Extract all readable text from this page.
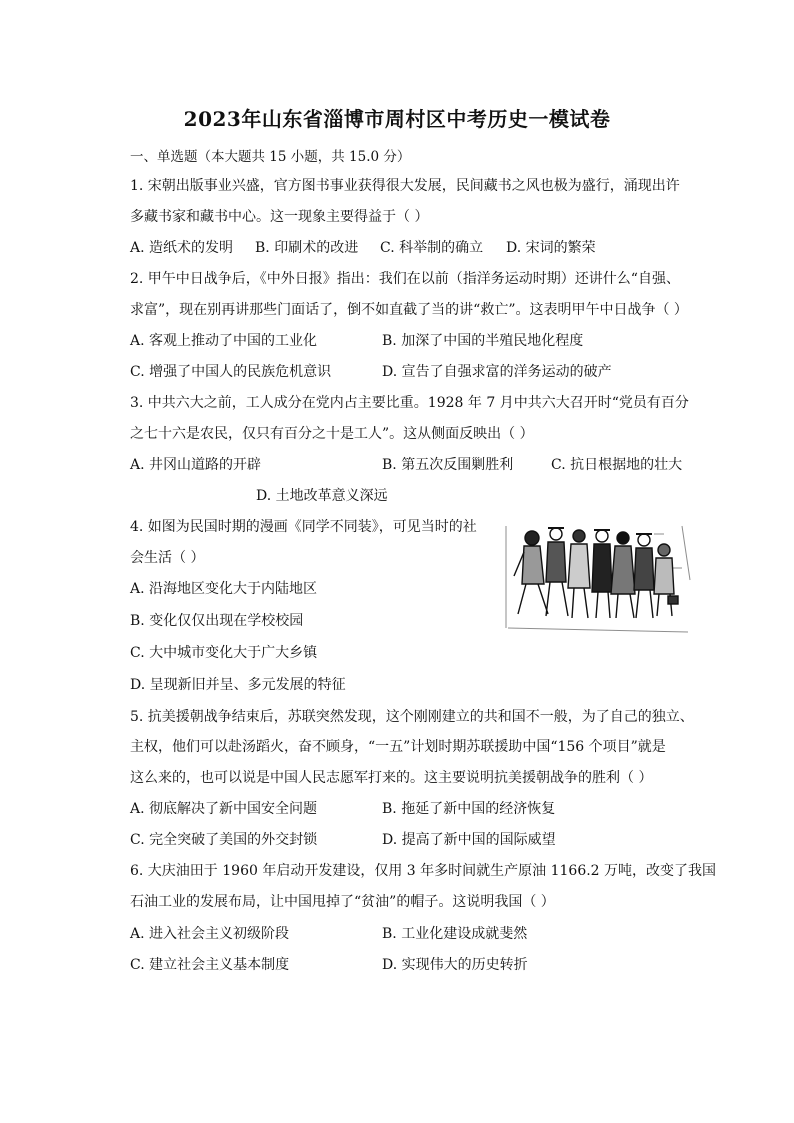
2023年山东省淄博市周村区中考历史一模试卷
一、单选题（本大题共 15 小题，共 15.0 分）
1. 宋朝出版事业兴盛，官方图书事业获得很大发展，民间藏书之风也极为盛行，涌现出许
多藏书家和藏书中心。这一现象主要得益于（ ）
A. 造纸术的发明 B. 印刷术的改进 C. 科举制的确立 D. 宋词的繁荣
2. 甲午中日战争后，《中外日报》指出：我们在以前（指洋务运动时期）还讲什么“自强、
求富”，现在别再讲那些门面话了，倒不如直截了当的讲“救亡”。这表明甲午中日战争（ ）
A. 客观上推动了中国的工业化	B. 加深了中国的半殖民地化程度
C. 增强了中国人的民族危机意识	D. 宣告了自强求富的洋务运动的破产
3. 中共六大之前，工人成分在党内占主要比重。1928 年 7 月中共六大召开时“党员有百分
之七十六是农民，仅只有百分之十是工人”。这从侧面反映出（ ）
A. 井冈山道路的开辟	B. 第五次反围剿胜利	C. 抗日根据地的壮大
D. 土地改革意义深远
4. 如图为民国时期的漫画《同学不同装》，可见当时的社
会生活（ ）
A. 沿海地区变化大于内陆地区
B. 变化仅仅出现在学校校园
C. 大中城市变化大于广大乡镇
D. 呈现新旧并呈、多元发展的特征
5. 抗美援朝战争结束后，苏联突然发现，这个刚刚建立的共和国不一般，为了自己的独立、
主权，他们可以赴汤蹈火，奋不顾身，“一五”计划时期苏联援助中国“156 个项目”就是
这么来的，也可以说是中国人民志愿军打来的。这主要说明抗美援朝战争的胜利（ ）
A. 彻底解决了新中国安全问题	B. 拖延了新中国的经济恢复
C. 完全突破了美国的外交封锁	D. 提高了新中国的国际威望
6. 大庆油田于 1960 年启动开发建设，仅用 3 年多时间就生产原油 1166.2 万吨，改变了我国
石油工业的发展布局，让中国甩掉了“贫油”的帽子。这说明我国（ ）
A. 进入社会主义初级阶段	B. 工业化建设成就斐然
C. 建立社会主义基本制度	D. 实现伟大的历史转折
